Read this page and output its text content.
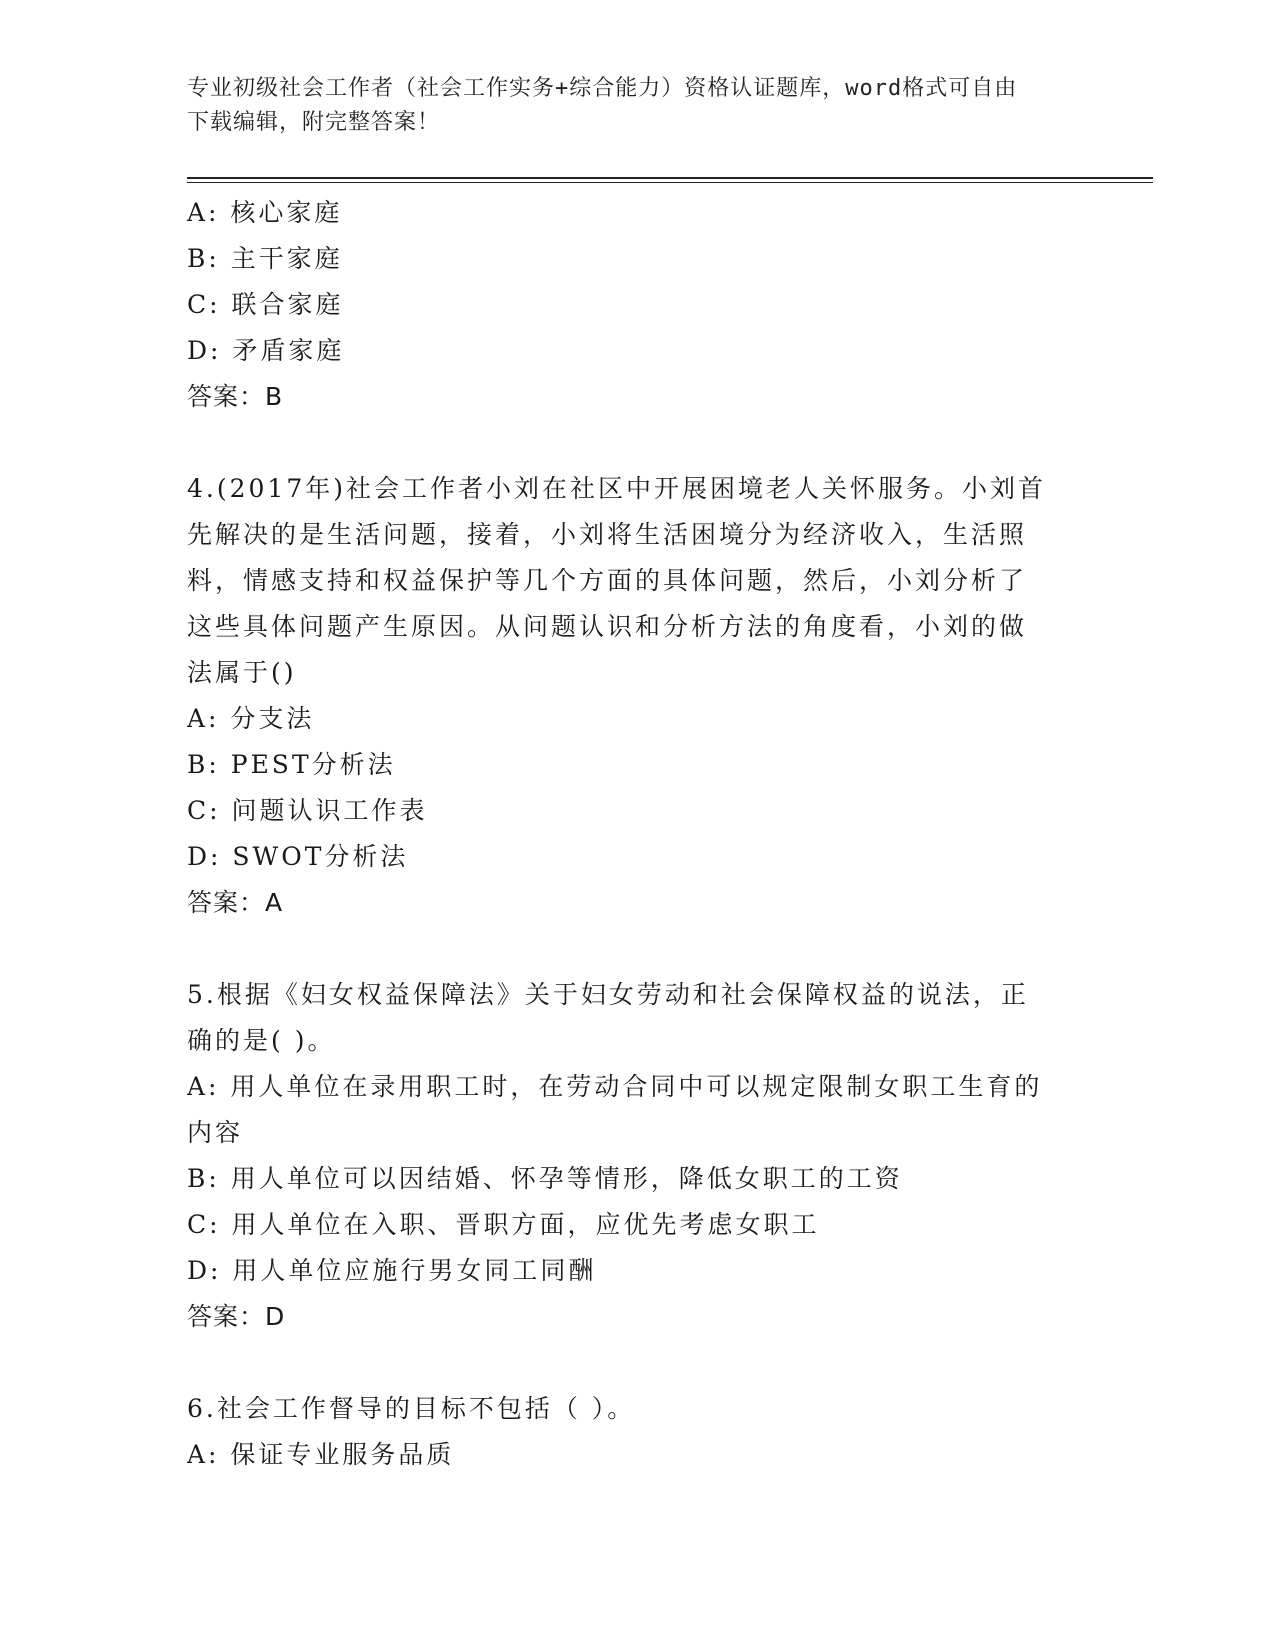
专业初级社会工作者（社会工作实务+综合能力）资格认证题库，word格式可自由
下载编辑，附完整答案！
A: 核心家庭
B: 主干家庭
C: 联合家庭
D: 矛盾家庭
答案：B
4.(2017年)社会工作者小刘在社区中开展困境老人关怀服务。小刘首
先解决的是生活问题，接着，小刘将生活困境分为经济收入，生活照
料，情感支持和权益保护等几个方面的具体问题，然后，小刘分析了
这些具体问题产生原因。从问题认识和分析方法的角度看，小刘的做
法属于()
A: 分支法
B: PEST分析法
C: 问题认识工作表
D: SWOT分析法
答案：A
5.根据《妇女权益保障法》关于妇女劳动和社会保障权益的说法，正
确的是( )。
A: 用人单位在录用职工时，在劳动合同中可以规定限制女职工生育的
内容
B: 用人单位可以因结婚、怀孕等情形，降低女职工的工资
C: 用人单位在入职、晋职方面，应优先考虑女职工
D: 用人单位应施行男女同工同酬
答案：D
6.社会工作督导的目标不包括（ ）。
A: 保证专业服务品质
